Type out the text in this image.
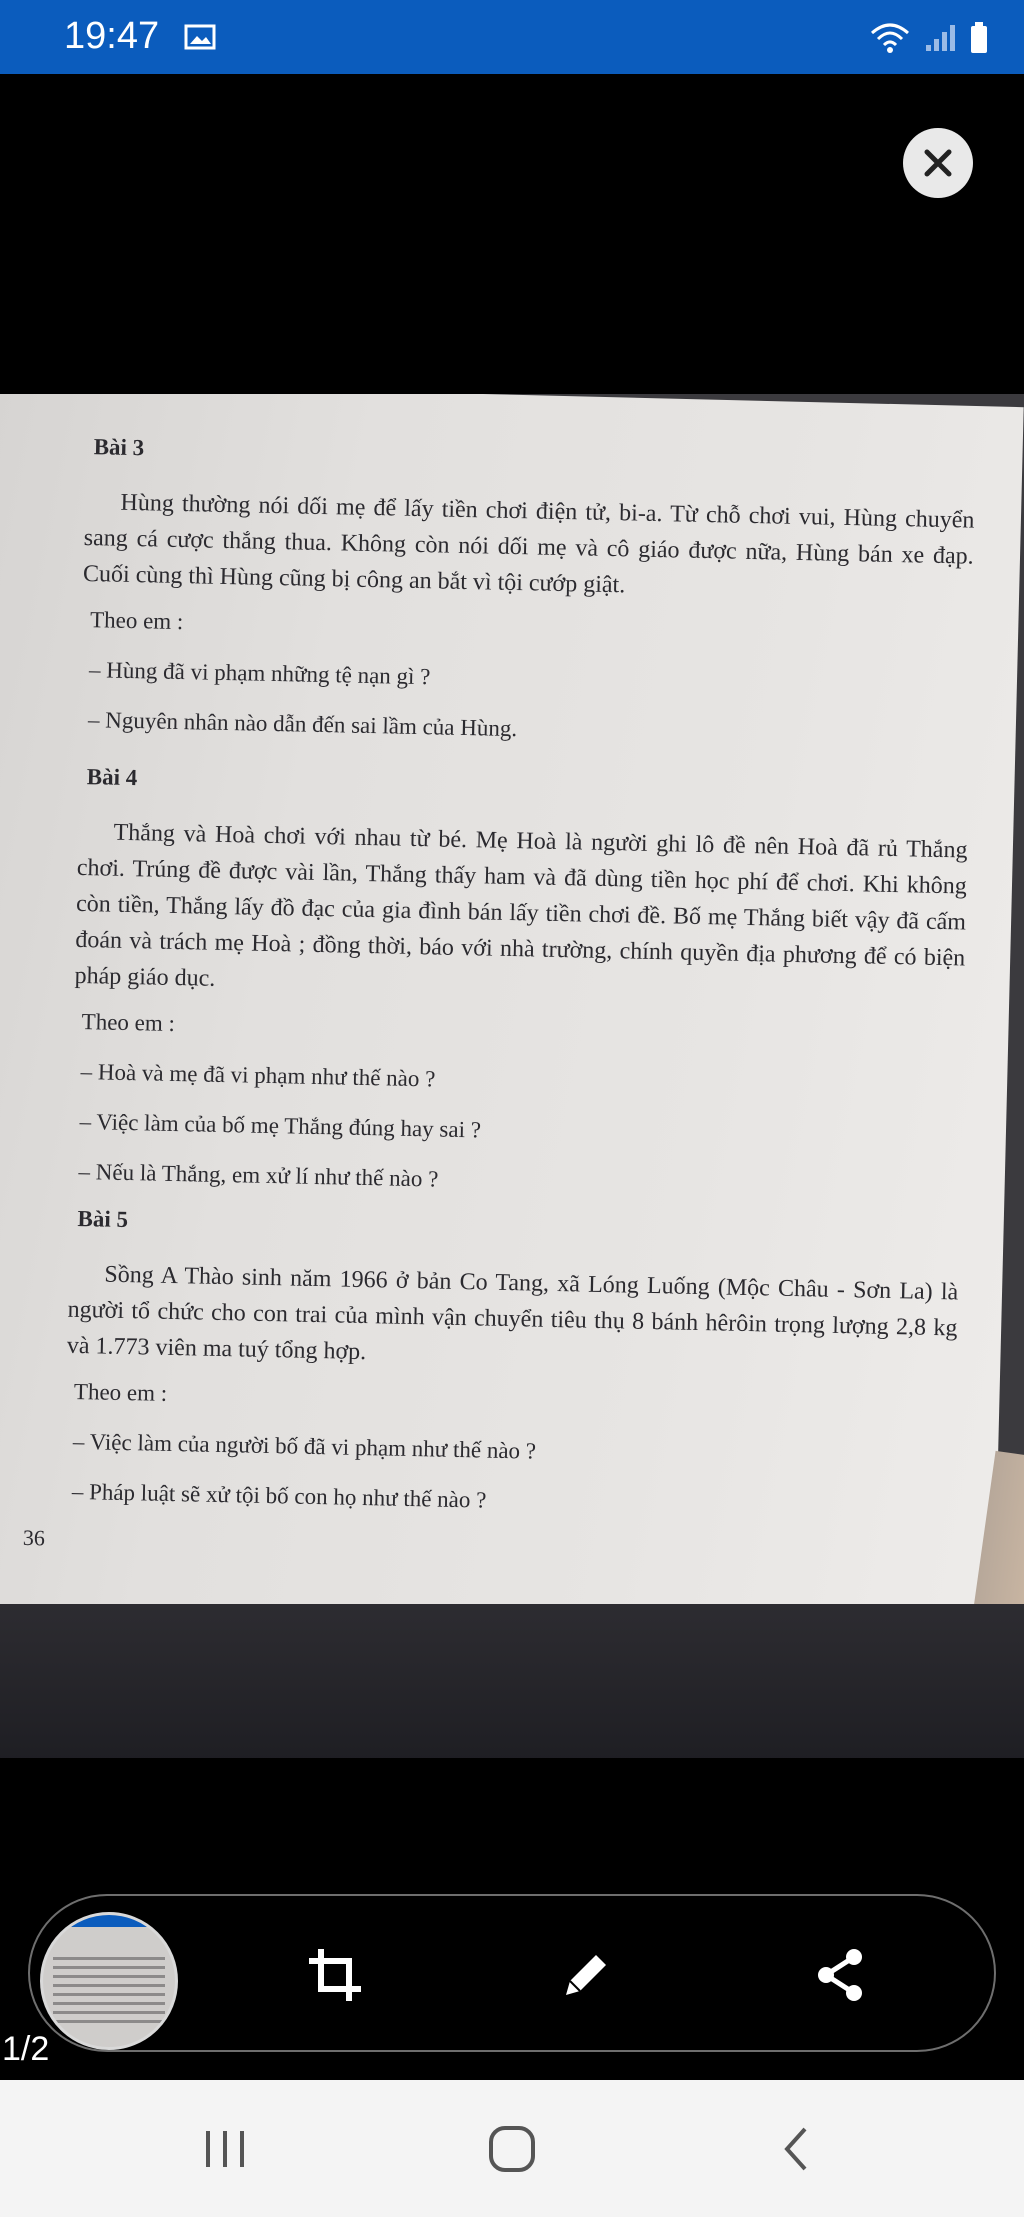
19:47
Bài 3
Hùng thường nói dối mẹ để lấy tiền chơi điện tử, bi-a. Từ chỗ chơi vui, Hùng chuyển sang cá cược thắng thua. Không còn nói dối mẹ và cô giáo được nữa, Hùng bán xe đạp. Cuối cùng thì Hùng cũng bị công an bắt vì tội cướp giật.
Theo em :
– Hùng đã vi phạm những tệ nạn gì ?
– Nguyên nhân nào dẫn đến sai lầm của Hùng.
Bài 4
Thắng và Hoà chơi với nhau từ bé. Mẹ Hoà là người ghi lô đề nên Hoà đã rủ Thắng chơi. Trúng đề được vài lần, Thắng thấy ham và đã dùng tiền học phí để chơi. Khi không còn tiền, Thắng lấy đồ đạc của gia đình bán lấy tiền chơi đề. Bố mẹ Thắng biết vậy đã cấm đoán và trách mẹ Hoà ; đồng thời, báo với nhà trường, chính quyền địa phương để có biện pháp giáo dục.
Theo em :
– Hoà và mẹ đã vi phạm như thế nào ?
– Việc làm của bố mẹ Thắng đúng hay sai ?
– Nếu là Thắng, em xử lí như thế nào ?
Bài 5
Sồng A Thào sinh năm 1966 ở bản Co Tang, xã Lóng Luống (Mộc Châu - Sơn La) là người tổ chức cho con trai của mình vận chuyển tiêu thụ 8 bánh hêrôin trọng lượng 2,8 kg và 1.773 viên ma tuý tổng hợp.
Theo em :
– Việc làm của người bố đã vi phạm như thế nào ?
– Pháp luật sẽ xử tội bố con họ như thế nào ?
36
1/2
